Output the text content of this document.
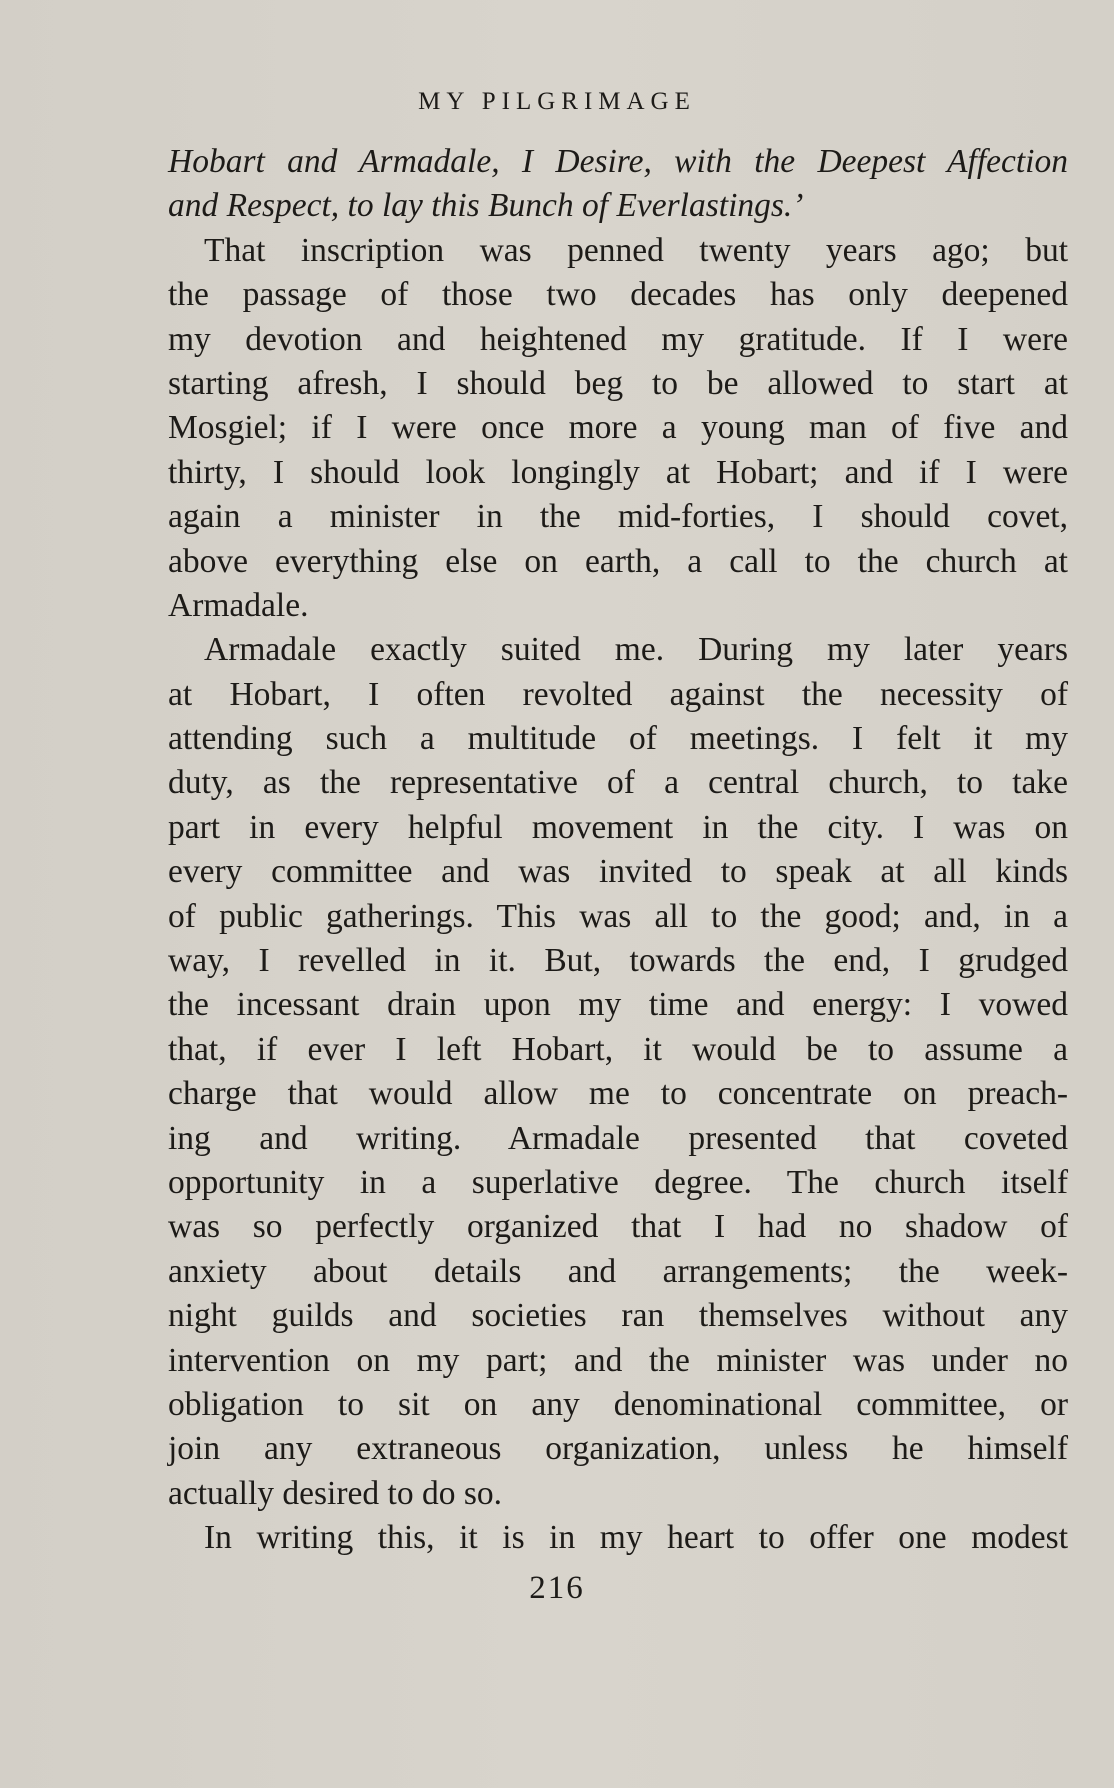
MY PILGRIMAGE
Hobart and Armadale, I Desire, with the Deepest Affection
and Respect, to lay this Bunch of Everlastings.’
That inscription was penned twenty years ago; but
the passage of those two decades has only deepened
my devotion and heightened my gratitude. If I were
starting afresh, I should beg to be allowed to start at
Mosgiel; if I were once more a young man of five and
thirty, I should look longingly at Hobart; and if I were
again a minister in the mid-forties, I should covet,
above everything else on earth, a call to the church at
Armadale.
Armadale exactly suited me. During my later years
at Hobart, I often revolted against the necessity of
attending such a multitude of meetings. I felt it my
duty, as the representative of a central church, to take
part in every helpful movement in the city. I was on
every committee and was invited to speak at all kinds
of public gatherings. This was all to the good; and, in a
way, I revelled in it. But, towards the end, I grudged
the incessant drain upon my time and energy: I vowed
that, if ever I left Hobart, it would be to assume a
charge that would allow me to concentrate on preach-
ing and writing. Armadale presented that coveted
opportunity in a superlative degree. The church itself
was so perfectly organized that I had no shadow of
anxiety about details and arrangements; the week-
night guilds and societies ran themselves without any
intervention on my part; and the minister was under no
obligation to sit on any denominational committee, or
join any extraneous organization, unless he himself
actually desired to do so.
In writing this, it is in my heart to offer one modest
216
